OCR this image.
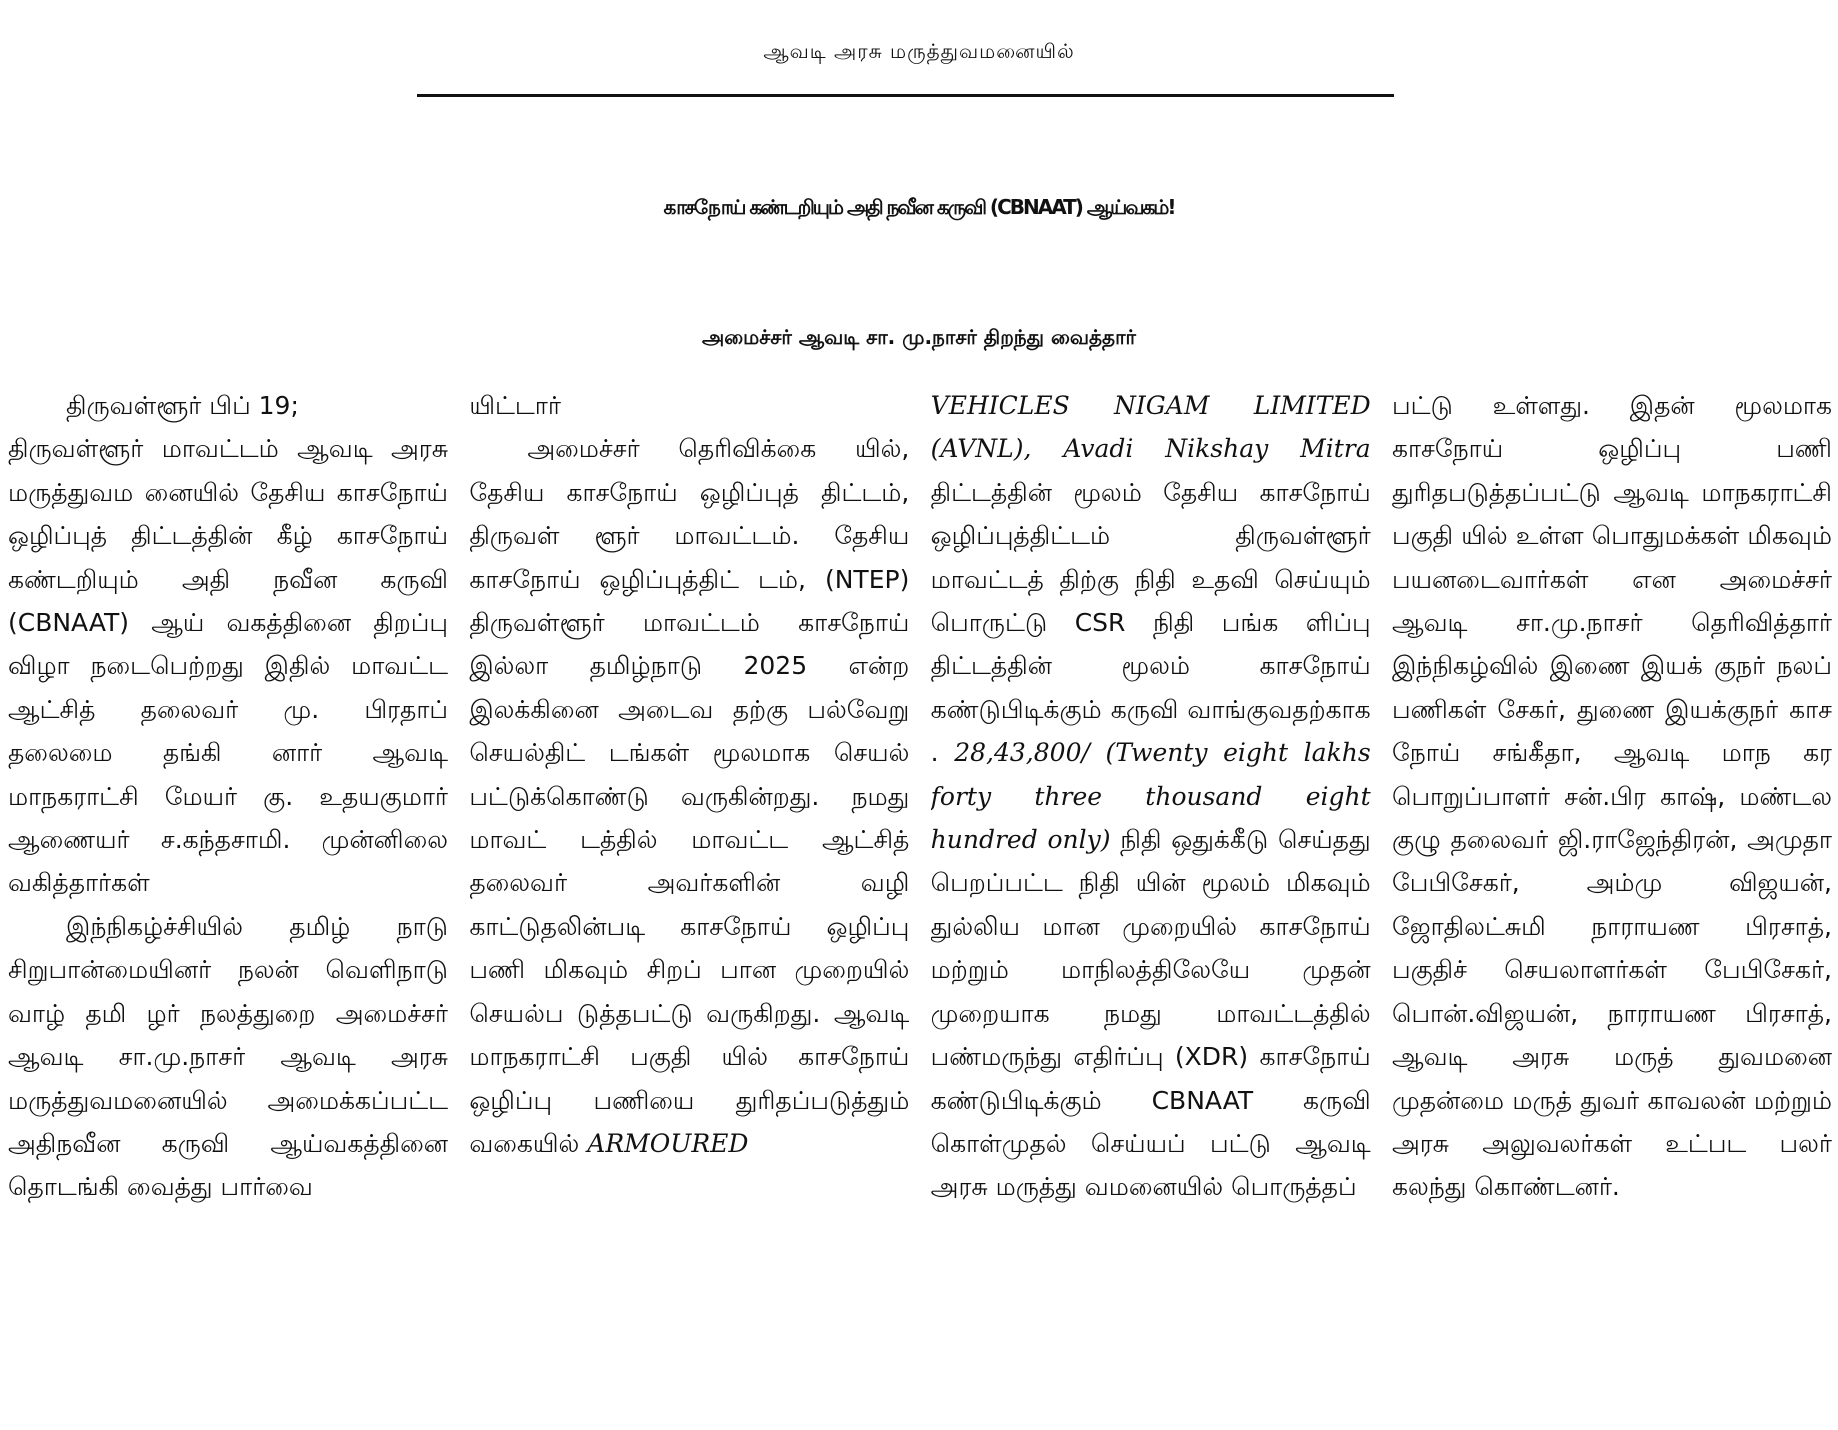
ஆவடி அரசு மருத்துவமனையில்
காசநோய் கண்டறியும் அதி நவீன கருவி (CBNAAT) ஆய்வகம்!
அமைச்சர் ஆவடி சா. மு.நாசர் திறந்து வைத்தார்

திருவள்ளூர் பிப் 19;

திருவள்ளூர் மாவட்டம் ஆவடி அரசு மருத்துவம னையில் தேசிய காசநோய் ஒழிப்புத் திட்டத்தின் கீழ் காசநோய் கண்டறியும் அதி நவீன கருவி (CBNAAT) ஆய் வகத்தினை திறப்பு விழா நடைபெற்றது இதில் மாவட்ட ஆட்சித் தலைவர் மு. பிரதாப் தலைமை தங்கி னார் ஆவடி மாநகராட்சி மேயர் கு. உதயகுமார் ஆணையர் ச.கந்தசாமி. முன்னிலை வகித்தார்கள்

இந்நிகழ்ச்சியில் தமிழ் நாடு சிறுபான்மையினர் நலன் வெளிநாடு வாழ் தமி ழர் நலத்துறை அமைச்சர் ஆவடி சா.மு.நாசர் ஆவடி அரசு மருத்துவமனையில் அமைக்கப்பட்ட அதிநவீன கருவி ஆய்வகத்தினை தொடங்கி வைத்து பார்வை

யிட்டார்

அமைச்சர் தெரிவிக்கை யில், தேசிய காசநோய் ஒழிப்புத் திட்டம், திருவள் ளூர் மாவட்டம். தேசிய காசநோய் ஒழிப்புத்திட் டம், (NTEP) திருவள்ளூர் மாவட்டம் காசநோய் இல்லா தமிழ்நாடு 2025 என்ற இலக்கினை அடைவ தற்கு பல்வேறு செயல்திட் டங்கள் மூலமாக செயல் பட்டுக்கொண்டு வருகின்றது. நமது மாவட் டத்தில் மாவட்ட ஆட்சித் தலைவர் அவர்களின் வழி காட்டுதலின்படி காசநோய் ஒழிப்பு பணி மிகவும் சிறப் பான முறையில் செயல்ப டுத்தபட்டு வருகிறது. ஆவடி மாநகராட்சி பகுதி யில் காசநோய் ஒழிப்பு பணியை துரிதப்படுத்தும் வகையில் ARMOURED

VEHICLES NIGAM LIMITED (AVNL), Avadi Nikshay Mitra திட்டத்தின் மூலம் தேசிய காசநோய் ஒழிப்புத்திட்டம் திருவள்ளூர் மாவட்டத் திற்கு நிதி உதவி செய்யும் பொருட்டு CSR நிதி பங்க ளிப்பு திட்டத்தின் மூலம் காசநோய் கண்டுபிடிக்கும் கருவி வாங்குவதற்காக . 28,43,800/ (Twenty eight lakhs forty three thousand eight hundred only) நிதி ஒதுக்கீடு செய்தது பெறப்பட்ட நிதி யின் மூலம் மிகவும் துல்லிய மான முறையில் காசநோய் மற்றும் மாநிலத்திலேயே முதன் முறையாக நமது மாவட்டத்தில் பண்மருந்து எதிர்ப்பு (XDR) காசநோய் கண்டுபிடிக்கும் CBNAAT கருவி கொள்முதல் செய்யப் பட்டு ஆவடி அரசு மருத்து வமனையில் பொருத்தப்

பட்டு உள்ளது. இதன் மூலமாக காசநோய் ஒழிப்பு பணி துரிதபடுத்தப்பட்டு ஆவடி மாநகராட்சி பகுதி யில் உள்ள பொதுமக்கள் மிகவும் பயனடைவார்கள் என அமைச்சர் ஆவடி சா.மு.நாசர் தெரிவித்தார் இந்நிகழ்வில் இணை இயக் குநர் நலப் பணிகள் சேகர், துணை இயக்குநர் காச நோய் சங்கீதா, ஆவடி மாந கர பொறுப்பாளர் சன்.பிர காஷ், மண்டல குழு தலைவர் ஜி.ராஜேந்திரன், அமுதா பேபிசேகர், அம்மு விஜயன், ஜோதிலட்சுமி நாராயண பிரசாத், பகுதிச் செயலாளர்கள் பேபிசேகர், பொன்.விஜயன், நாராயண பிரசாத், ஆவடி அரசு மருத் துவமனை முதன்மை மருத் துவர் காவலன் மற்றும் அரசு அலுவலர்கள் உட்பட பலர் கலந்து கொண்டனர்.
